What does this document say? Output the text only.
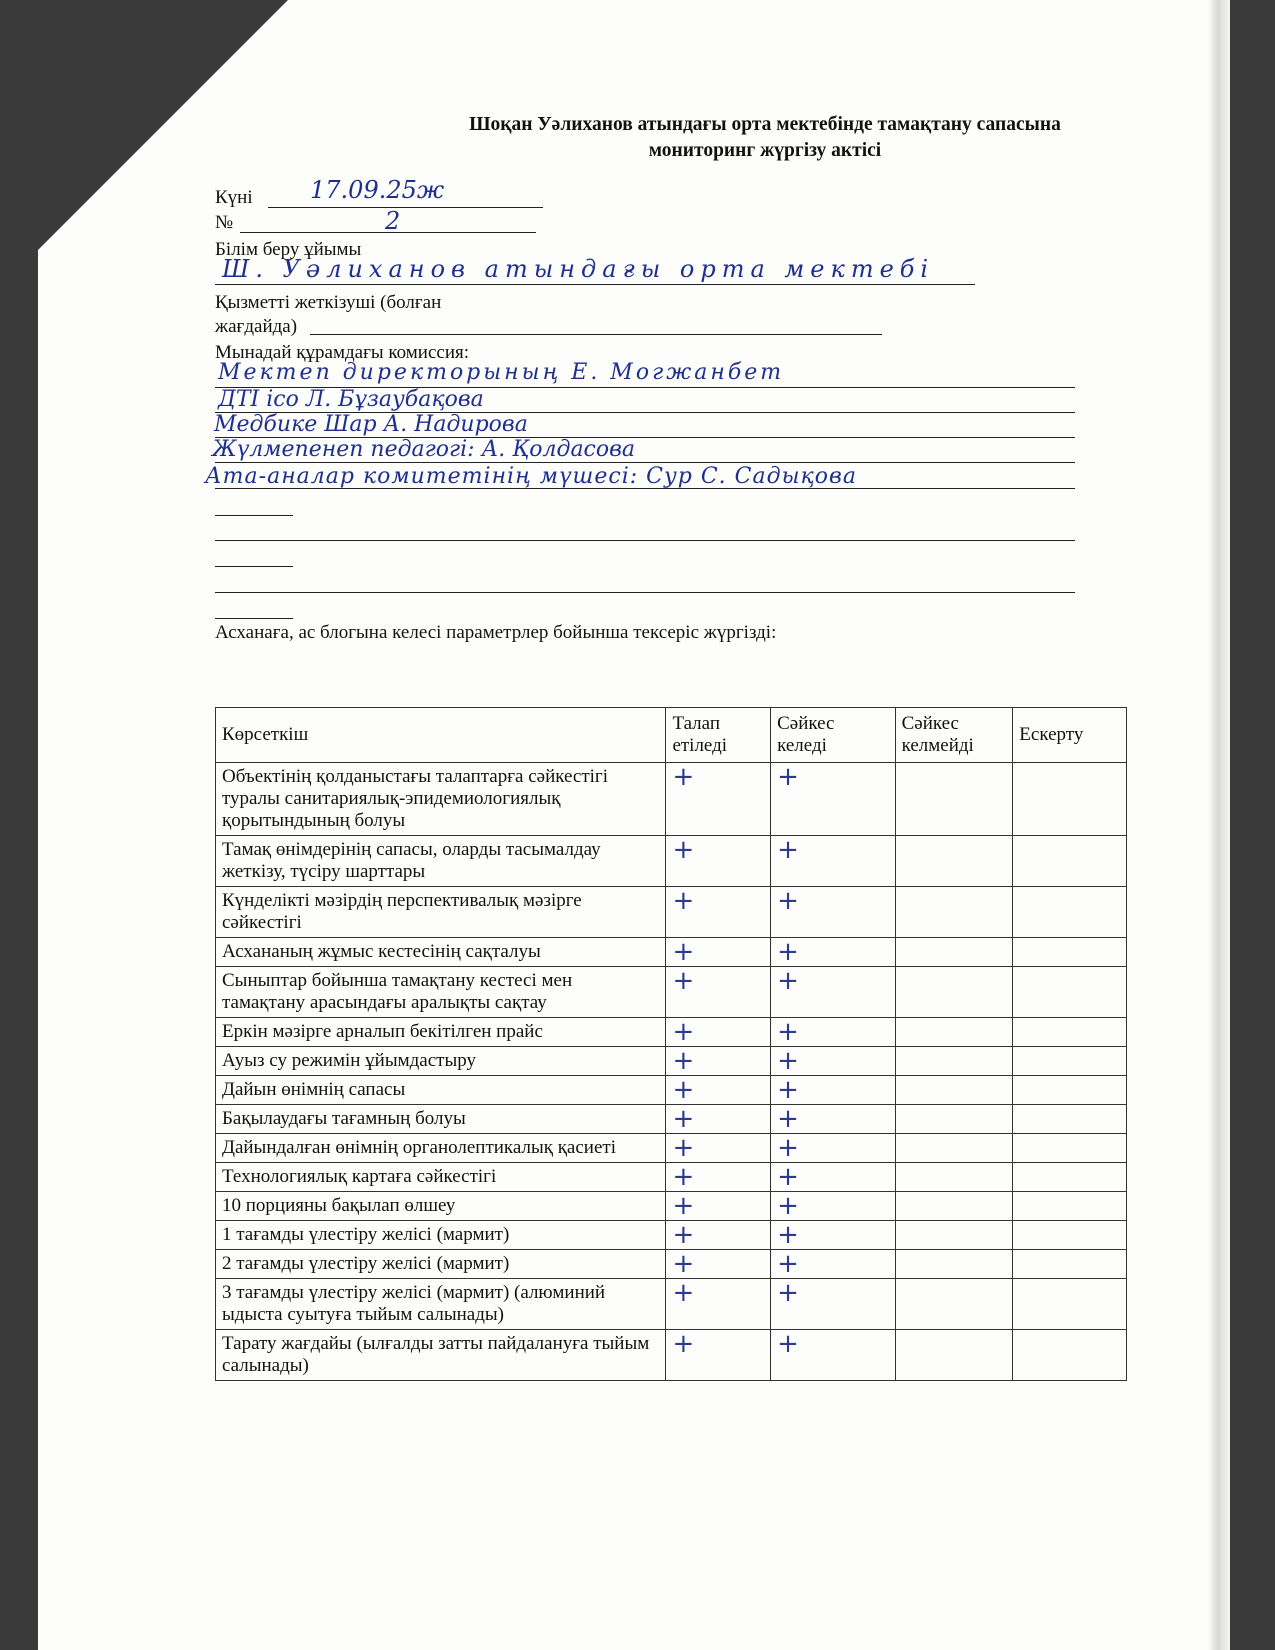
Шоқан Уәлиханов атындағы орта мектебінде тамақтану сапасына
мониторинг жүргізу актісі
Күні 17.09.25ж
№	2
Білім беру ұйымы
Ш. Уәлиханов атындағы орта мектебі
Қызметті жеткізуші (болған
жағдайда)
Мынадай құрамдағы комиссия:
Мектеп директорының Е. Могжанбет
ДТІ ісо Л. Бұзаубақова
Медбике Шар А. Надирова
Жүлмепенеп педагогі: А. Қолдасова
Ата-аналар комитетінің мүшесі: Сур С. Садықова
Асханаға, ас блогына келесі параметрлер бойынша тексеріс жүргізді:
Көрсеткіш	Талап етіледі	Сәйкес келеді	Сәйкес келмейді	Ескерту
Объектінің қолданыстағы талаптарға сәйкестігі туралы санитариялық-эпидемиологиялық қорытындының болуы	+	+		
Тамақ өнімдерінің сапасы, оларды тасымалдау жеткізу, түсіру шарттары	+	+		
Күнделікті мәзірдің перспективалық мәзірге сәйкестігі	+	+		
Асхананың жұмыс кестесінің сақталуы	+	+		
Сыныптар бойынша тамақтану кестесі мен тамақтану арасындағы аралықты сақтау	+	+		
Еркін мәзірге арналып бекітілген прайс	+	+		
Ауыз су режимін ұйымдастыру	+	+		
Дайын өнімнің сапасы	+	+		
Бақылаудағы тағамның болуы	+	+		
Дайындалған өнімнің органолептикалық қасиеті	+	+		
Технологиялық картаға сәйкестігі	+	+		
10 порцияны бақылап өлшеу	+	+		
1 тағамды үлестіру желісі (мармит)	+	+		
2 тағамды үлестіру желісі (мармит)	+	+		
3 тағамды үлестіру желісі (мармит) (алюминий ыдыста суытуға тыйым салынады)	+	+		
Тарату жағдайы (ылғалды затты пайдалануға тыйым салынады)	+	+		
